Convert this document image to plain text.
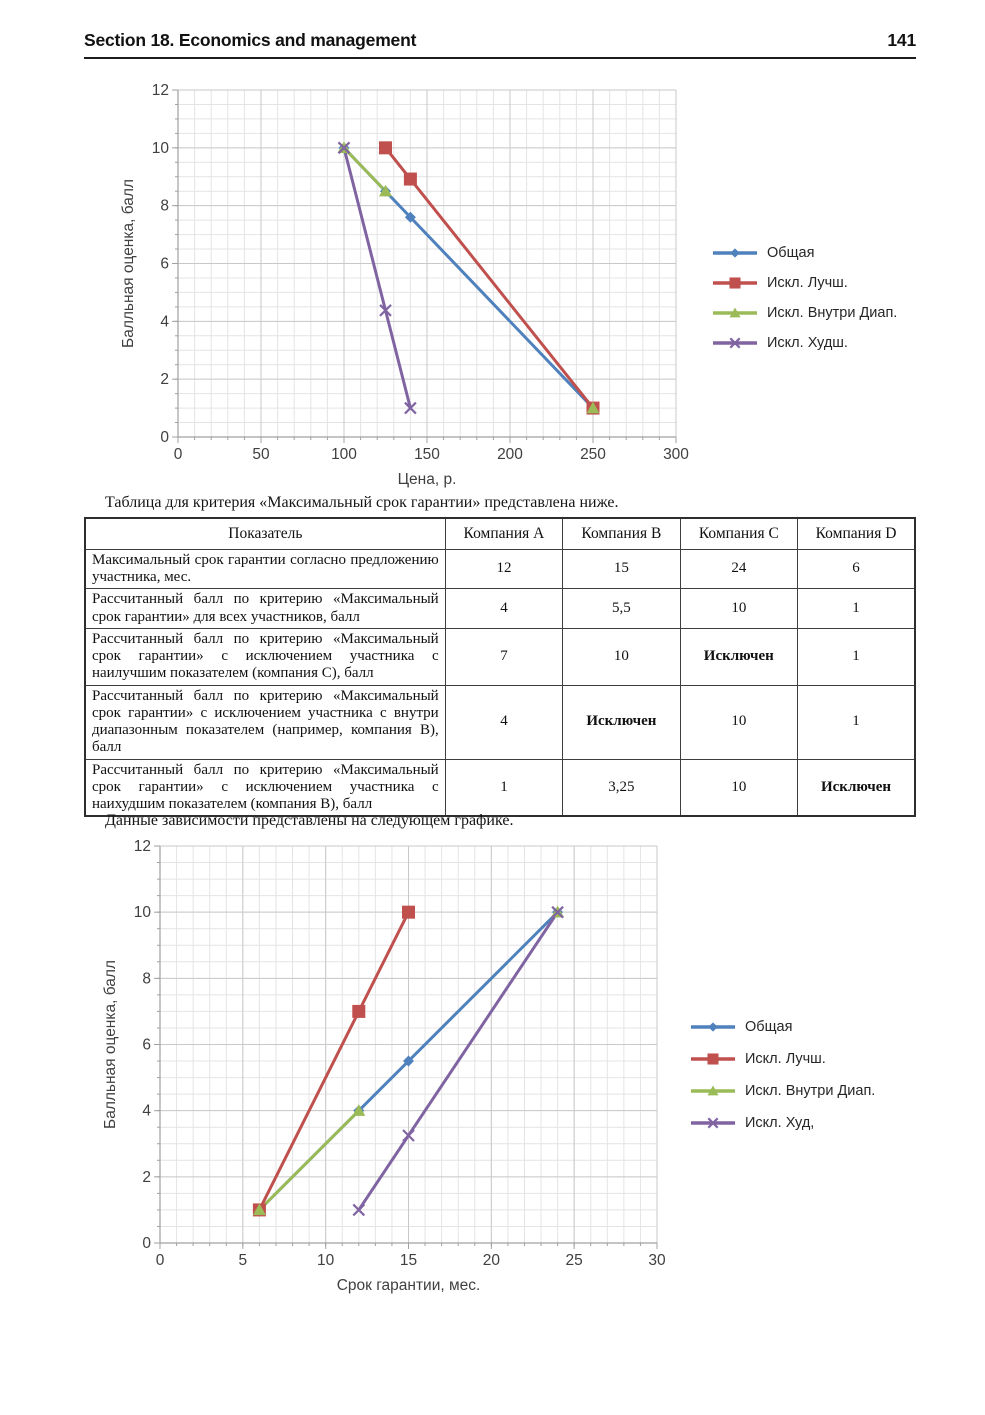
Section 18. Economics and management	141
0	50	100	150	200	250	300
0
2
4
6
8
10
12
Цена, р.
Балльная оценка, балл	Общая
Искл. Лучш.
Искл. Внутри Диап.
Искл. Худш.

Таблица для критерия «Максимальный срок гарантии» представлена ниже.

Показатель	Компания A	Компания B	Компания C	Компания D
Максимальный срок гарантии согласно предложению участника, мес.	12	15	24	6
Рассчитанный балл по критерию «Максимальный срок гарантии» для всех участников, балл	4	5,5	10	1
Рассчитанный балл по критерию «Максимальный срок гарантии» с исключением участника с наилучшим показателем (компания C), балл	7	10	Исключен	1
Рассчитанный балл по критерию «Максимальный срок гарантии» с исключением участника с внутри диапазонным показателем (например, компания B), балл	4	Исключен	10	1
Рассчитанный балл по критерию «Максимальный срок гарантии» с исключением участника с наихудшим показателем (компания B), балл	1	3,25	10	Исключен

Данные зависимости представлены на следующем графике.

0	5	10	15	20	25	30
0
2
4
6
8
10
12
Срок гарантии, мес.
Балльная оценка, балл	Общая
Искл. Лучш.
Искл. Внутри Диап.
Искл. Худ,
